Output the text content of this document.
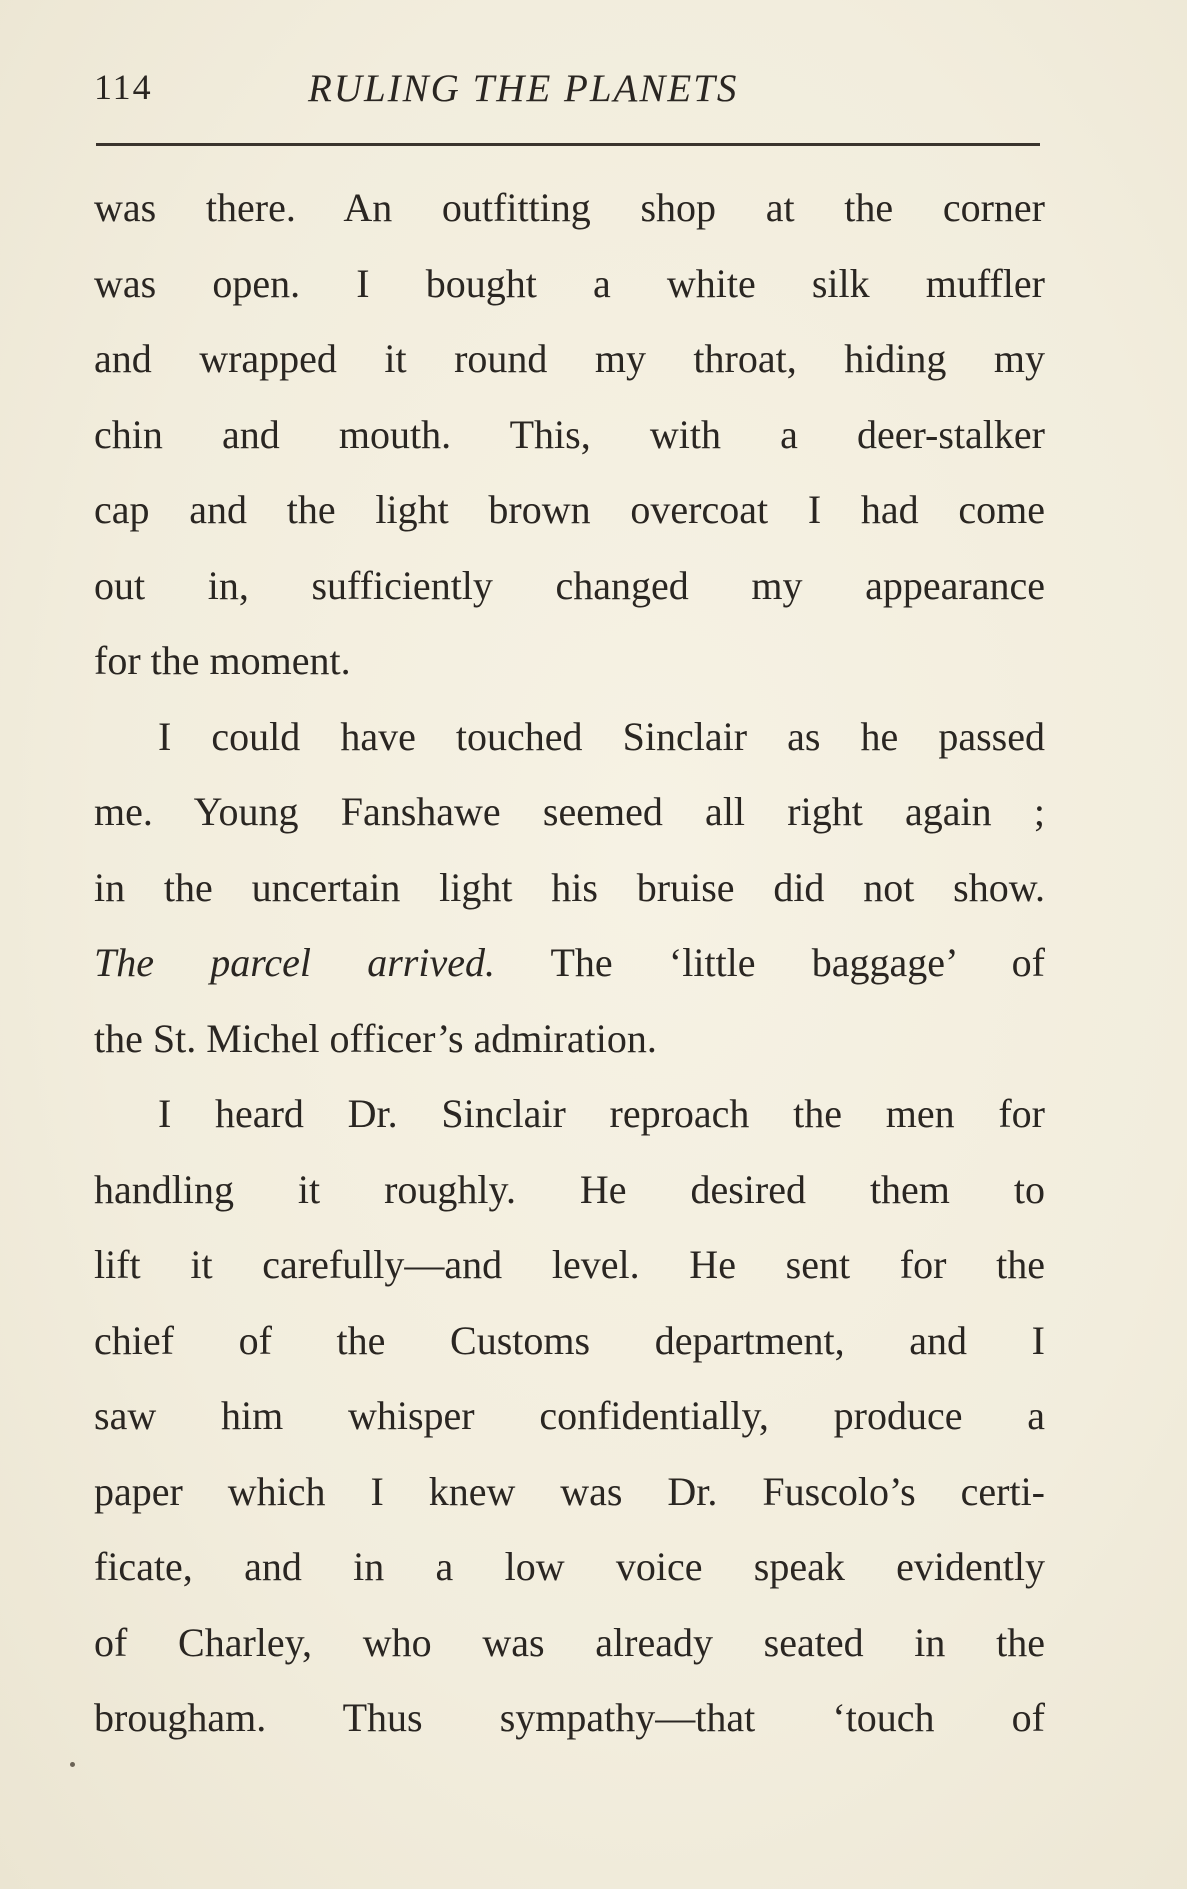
114	RULING THE PLANETS
was there. An outfitting shop at the corner
was open. I bought a white silk muffler
and wrapped it round my throat, hiding my
chin and mouth. This, with a deer-stalker
cap and the light brown overcoat I had come
out in, sufficiently changed my appearance
for the moment.
I could have touched Sinclair as he passed
me. Young Fanshawe seemed all right again ;
in the uncertain light his bruise did not show.
The parcel arrived. The ‘little baggage’ of
the St. Michel officer’s admiration.
I heard Dr. Sinclair reproach the men for
handling it roughly. He desired them to
lift it carefully—and level. He sent for the
chief of the Customs department, and I
saw him whisper confidentially, produce a
paper which I knew was Dr. Fuscolo’s certi-
ficate, and in a low voice speak evidently
of Charley, who was already seated in the
brougham. Thus sympathy—that ‘touch of
